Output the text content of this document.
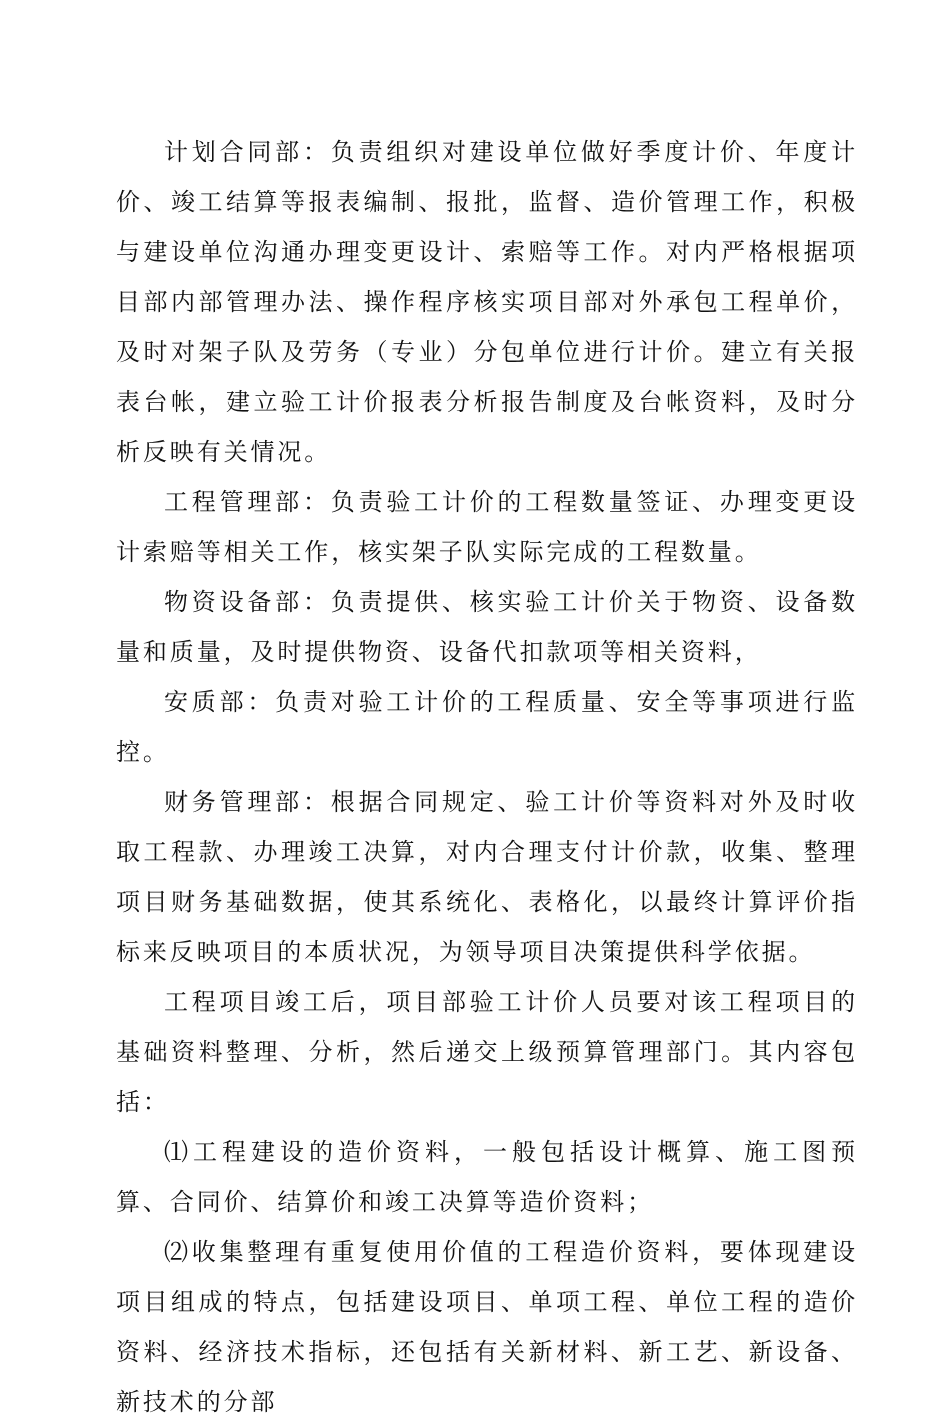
计划合同部：负责组织对建设单位做好季度计价、年度计价、竣工结算等报表编制、报批，监督、造价管理工作，积极与建设单位沟通办理变更设计、索赔等工作。对内严格根据项目部内部管理办法、操作程序核实项目部对外承包工程单价，及时对架子队及劳务（专业）分包单位进行计价。建立有关报表台帐，建立验工计价报表分析报告制度及台帐资料，及时分析反映有关情况。

工程管理部：负责验工计价的工程数量签证、办理变更设计索赔等相关工作，核实架子队实际完成的工程数量。

物资设备部：负责提供、核实验工计价关于物资、设备数量和质量，及时提供物资、设备代扣款项等相关资料，

安质部：负责对验工计价的工程质量、安全等事项进行监控。

财务管理部：根据合同规定、验工计价等资料对外及时收取工程款、办理竣工决算，对内合理支付计价款，收集、整理项目财务基础数据，使其系统化、表格化，以最终计算评价指标来反映项目的本质状况，为领导项目决策提供科学依据。

工程项目竣工后，项目部验工计价人员要对该工程项目的基础资料整理、分析，然后递交上级预算管理部门。其内容包括：

⑴工程建设的造价资料，一般包括设计概算、施工图预算、合同价、结算价和竣工决算等造价资料；

⑵收集整理有重复使用价值的工程造价资料，要体现建设项目组成的特点，包括建设项目、单项工程、单位工程的造价资料、经济技术指标，还包括有关新材料、新工艺、新设备、新技术的分部
